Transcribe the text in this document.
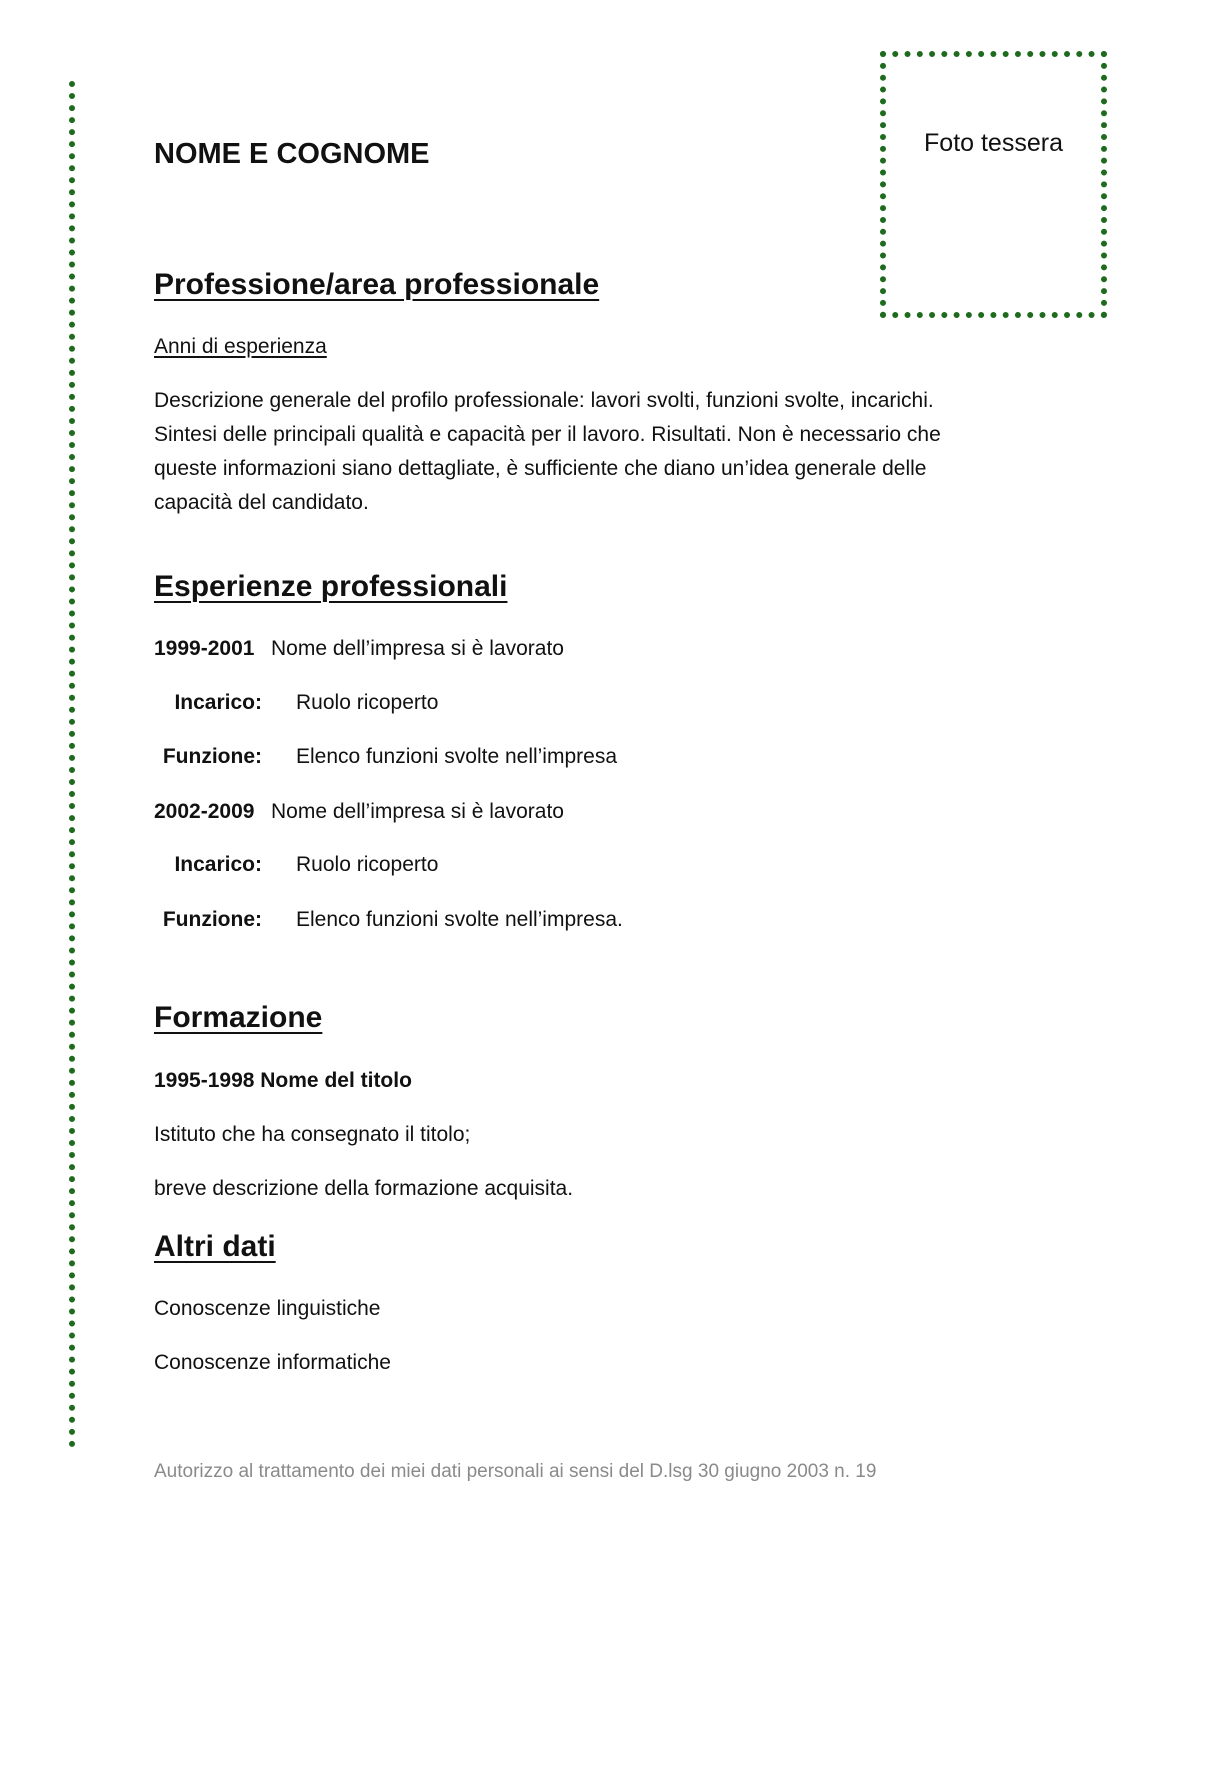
Foto tessera
NOME E COGNOME
Professione/area professionale
Anni di esperienza
Descrizione generale del profilo professionale: lavori svolti, funzioni svolte, incarichi.
Sintesi delle principali qualità e capacità per il lavoro. Risultati. Non è necessario che
queste informazioni siano dettagliate, è sufficiente che diano un’idea generale delle
capacità del candidato.
Esperienze professionali
1999-2001 Nome dell’impresa si è lavorato
Incarico: Ruolo ricoperto
Funzione: Elenco funzioni svolte nell’impresa
2002-2009 Nome dell’impresa si è lavorato
Incarico: Ruolo ricoperto
Funzione: Elenco funzioni svolte nell’impresa.
Formazione
1995-1998 Nome del titolo
Istituto che ha consegnato il titolo;
breve descrizione della formazione acquisita.
Altri dati
Conoscenze linguistiche
Conoscenze informatiche
Autorizzo al trattamento dei miei dati personali ai sensi del D.lsg 30 giugno 2003 n. 19
